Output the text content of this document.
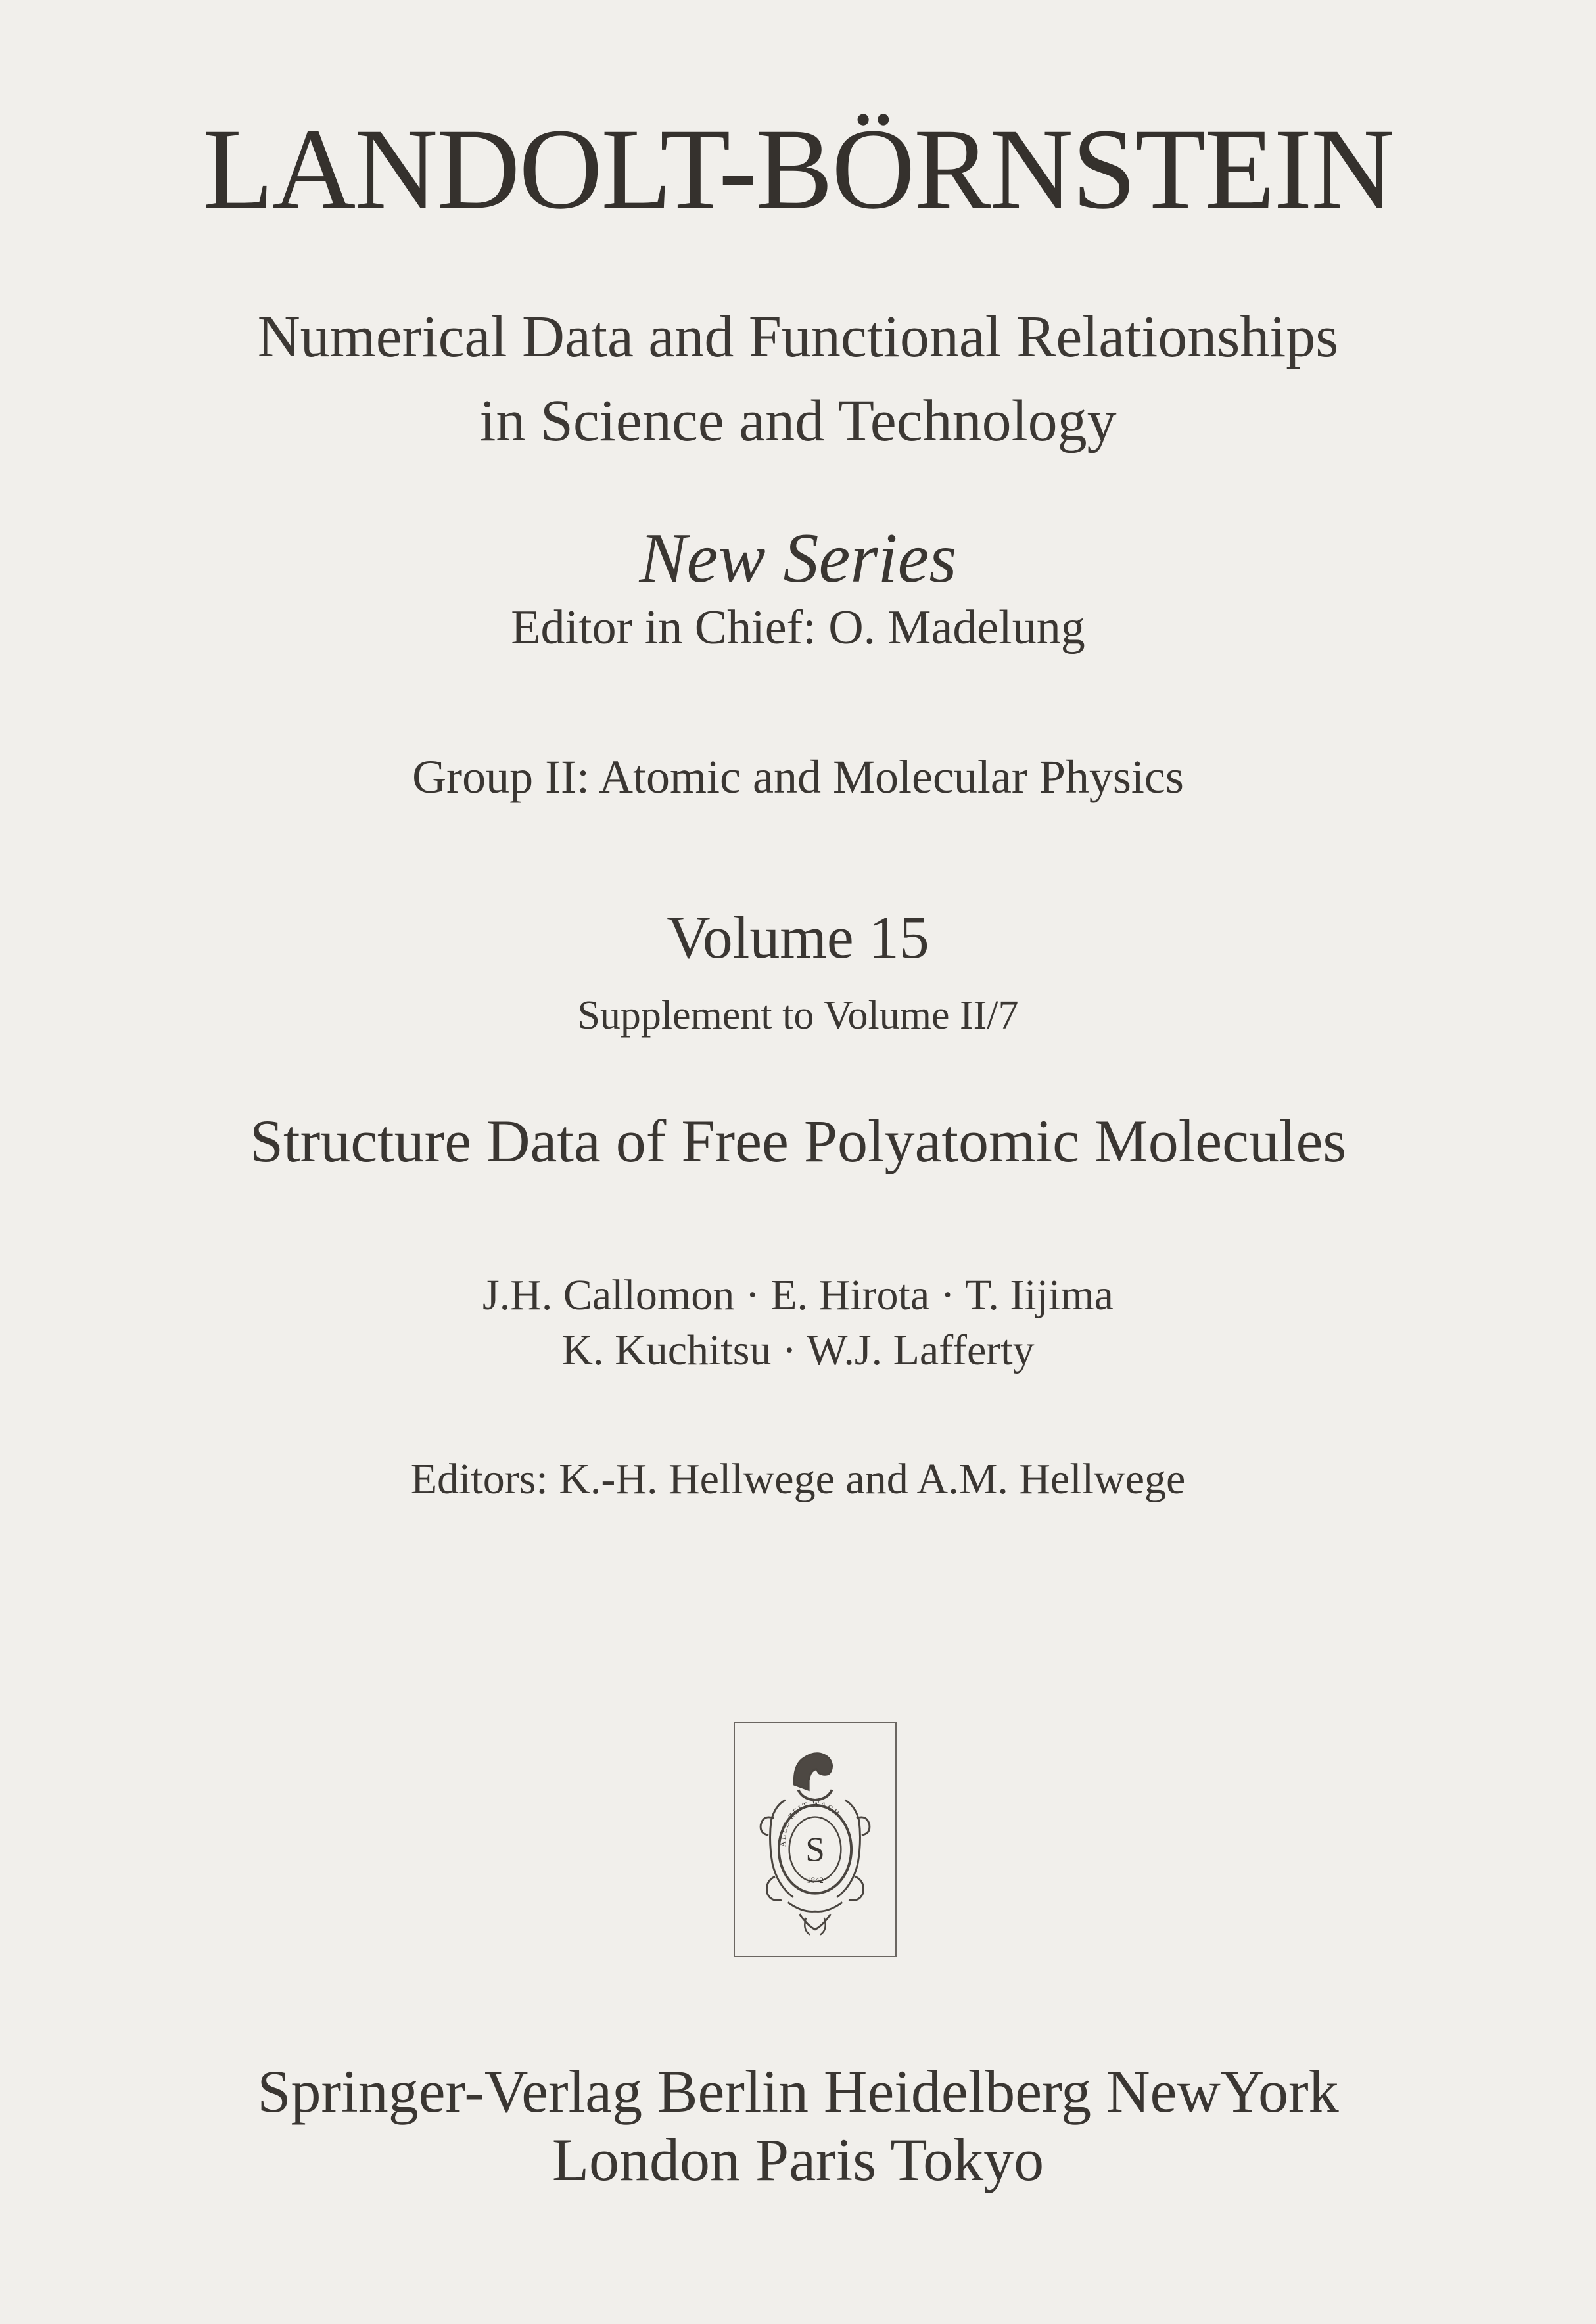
LANDOLT-BÖRNSTEIN
Numerical Data and Functional Relationships
in Science and Technology
New Series
Editor in Chief: O. Madelung
Group II: Atomic and Molecular Physics
Volume 15
Supplement to Volume II/7
Structure Data of Free Polyatomic Molecules
J.H. Callomon · E. Hirota · T. Iijima
K. Kuchitsu · W.J. Lafferty
Editors: K.-H. Hellwege and A.M. Hellwege
ALLE ZEIT WACH
S
1842
Springer-Verlag Berlin Heidelberg NewYork
London Paris Tokyo
